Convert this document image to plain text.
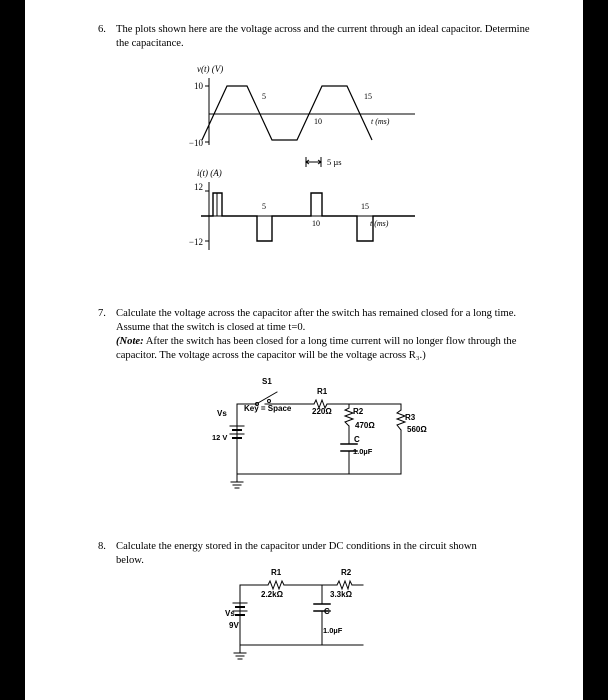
6. The plots shown here are the voltage across and the current through an ideal capacitor. Determine
the capacitance.
7. Calculate the voltage across the capacitor after the switch has remained closed for a long time.
Assume that the switch is closed at time t=0.
(Note: After the switch has been closed for a long time current will no longer flow through the
capacitor. The voltage across the capacitor will be the voltage across R₃.)
8. Calculate the energy stored in the capacitor under DC conditions in the circuit shown
below.
v(t) (V)
10
−10
5
10
15
t (ms)
5 µs
i(t) (A)
12
−12
5
10
15
t (ms)
S1
Key = Space
Vs
12 V
R1
220Ω	R2
470Ω
R3
560Ω
C
1.0µF
R1
2.2kΩ
R2
3.3kΩ
Vs
9V
C
1.0µF
